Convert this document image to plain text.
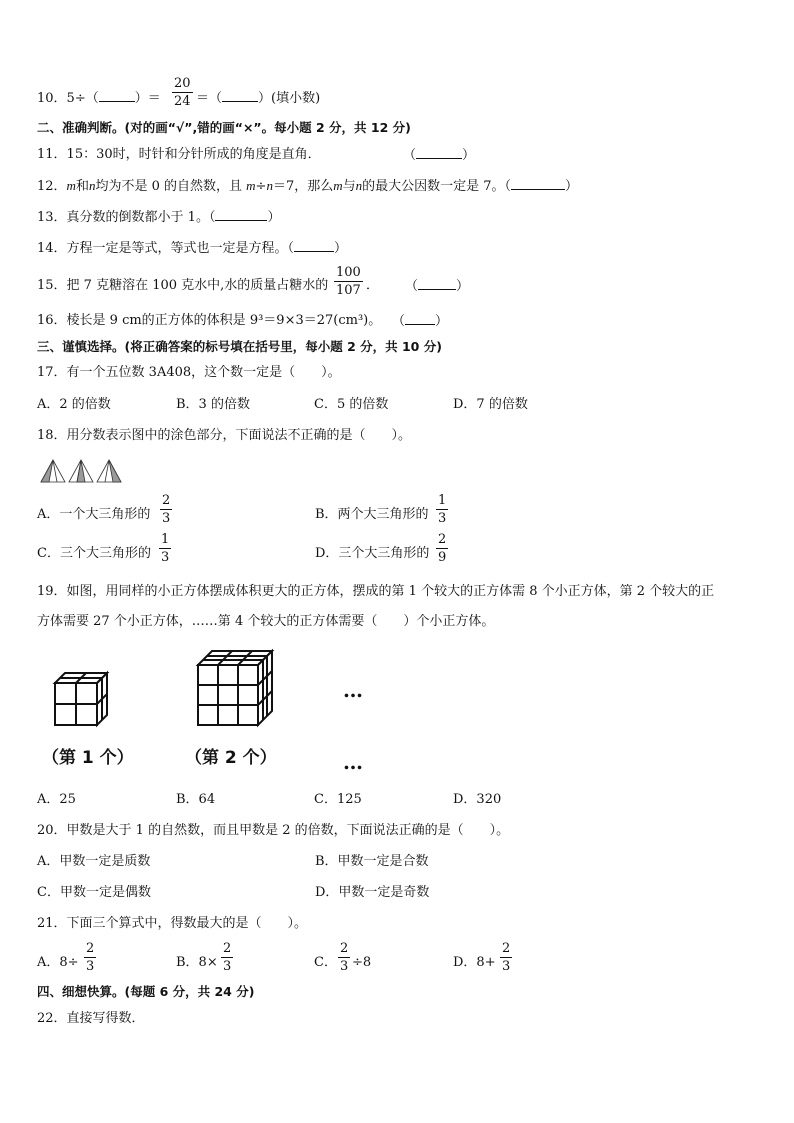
10．5÷（	）＝ $\frac{20}{24}$ ＝（	）(填小数)
二、准确判断。(对的画“√”,错的画“×”。每小题 2 分，共 12 分)
11．15：30时，时针和分针所成的角度是直角．	（	）
12．m和n均为不是 0 的自然数，且 m÷n＝7，那么m与n的最大公因数一定是 7。（	）
13．真分数的倒数都小于 1。（	）
14．方程一定是等式，等式也一定是方程。（	）
15．把 7 克糖溶在 100 克水中,水的质量占糖水的 $\frac{100}{107}$ ． （	）
16．棱长是 9 cm的正方体的体积是 9³＝9×3＝27(cm³)。 （ ）
三、谨慎选择。(将正确答案的标号填在括号里，每小题 2 分，共 10 分)
17．有一个五位数 3A408，这个数一定是（　　）。
A．2 的倍数	B．3 的倍数	C．5 的倍数	D．7 的倍数
18．用分数表示图中的涂色部分，下面说法不正确的是（　　）。
A．一个大三角形的 $\frac{2}{3}$	B．两个大三角形的 $\frac{1}{3}$
C．三个大三角形的 $\frac{1}{3}$	D．三个大三角形的 $\frac{2}{9}$
19．如图，用同样的小正方体摆成体积更大的正方体，摆成的第 1 个较大的正方体需 8 个小正方体，第 2 个较大的正
方体需要 27 个小正方体，……第 4 个较大的正方体需要（　　）个小正方体。
…
（第 1 个）	（第 2 个）	…
A．25	B．64	C．125	D．320
20．甲数是大于 1 的自然数，而且甲数是 2 的倍数，下面说法正确的是（　　）。
A．甲数一定是质数	B．甲数一定是合数
C．甲数一定是偶数	D．甲数一定是奇数
21．下面三个算式中，得数最大的是（　　）。
A．$8\div \frac{2}{3}$	B．$8\times \frac{2}{3}$	C． $\frac{2}{3} \div 8$	D．$8+ \frac{2}{3}$
四、细想快算。(每题 6 分，共 24 分)
22．直接写得数．
